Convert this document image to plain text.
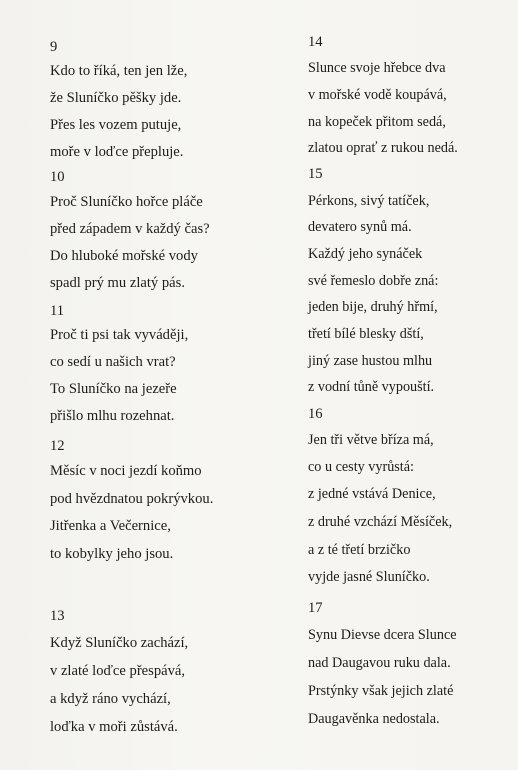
9
Kdo to říká, ten jen lže,
že Sluníčko pěšky jde.
Přes les vozem putuje,
moře v loďce přepluje.
10
Proč Sluníčko hořce pláče
před západem v každý čas?
Do hluboké mořské vody
spadl prý mu zlatý pás.
11
Proč ti psi tak vyváději,
co sedí u našich vrat?
To Sluníčko na jezeře
přišlo mlhu rozehnat.
12
Měsíc v noci jezdí koňmo
pod hvězdnatou pokrývkou.
Jitřenka a Večernice,
to kobylky jeho jsou.
13
Když Sluníčko zachází,
v zlaté loďce přespává,
a když ráno vychází,
loďka v moři zůstává.
14
Slunce svoje hřebce dva
v mořské vodě koupává,
na kopeček přitom sedá,
zlatou oprať z rukou nedá.
15
Pérkons, sivý tatíček,
devatero synů má.
Každý jeho synáček
své řemeslo dobře zná:
jeden bije, druhý hřmí,
třetí bílé blesky dští,
jiný zase hustou mlhu
z vodní tůně vypouští.
16
Jen tři větve bříza má,
co u cesty vyrůstá:
z jedné vstává Denice,
z druhé vzchází Měsíček,
a z té třetí brzičko
vyjde jasné Sluníčko.
17
Synu Dievse dcera Slunce
nad Daugavou ruku dala.
Prstýnky však jejich zlaté
Daugavěnka nedostala.
